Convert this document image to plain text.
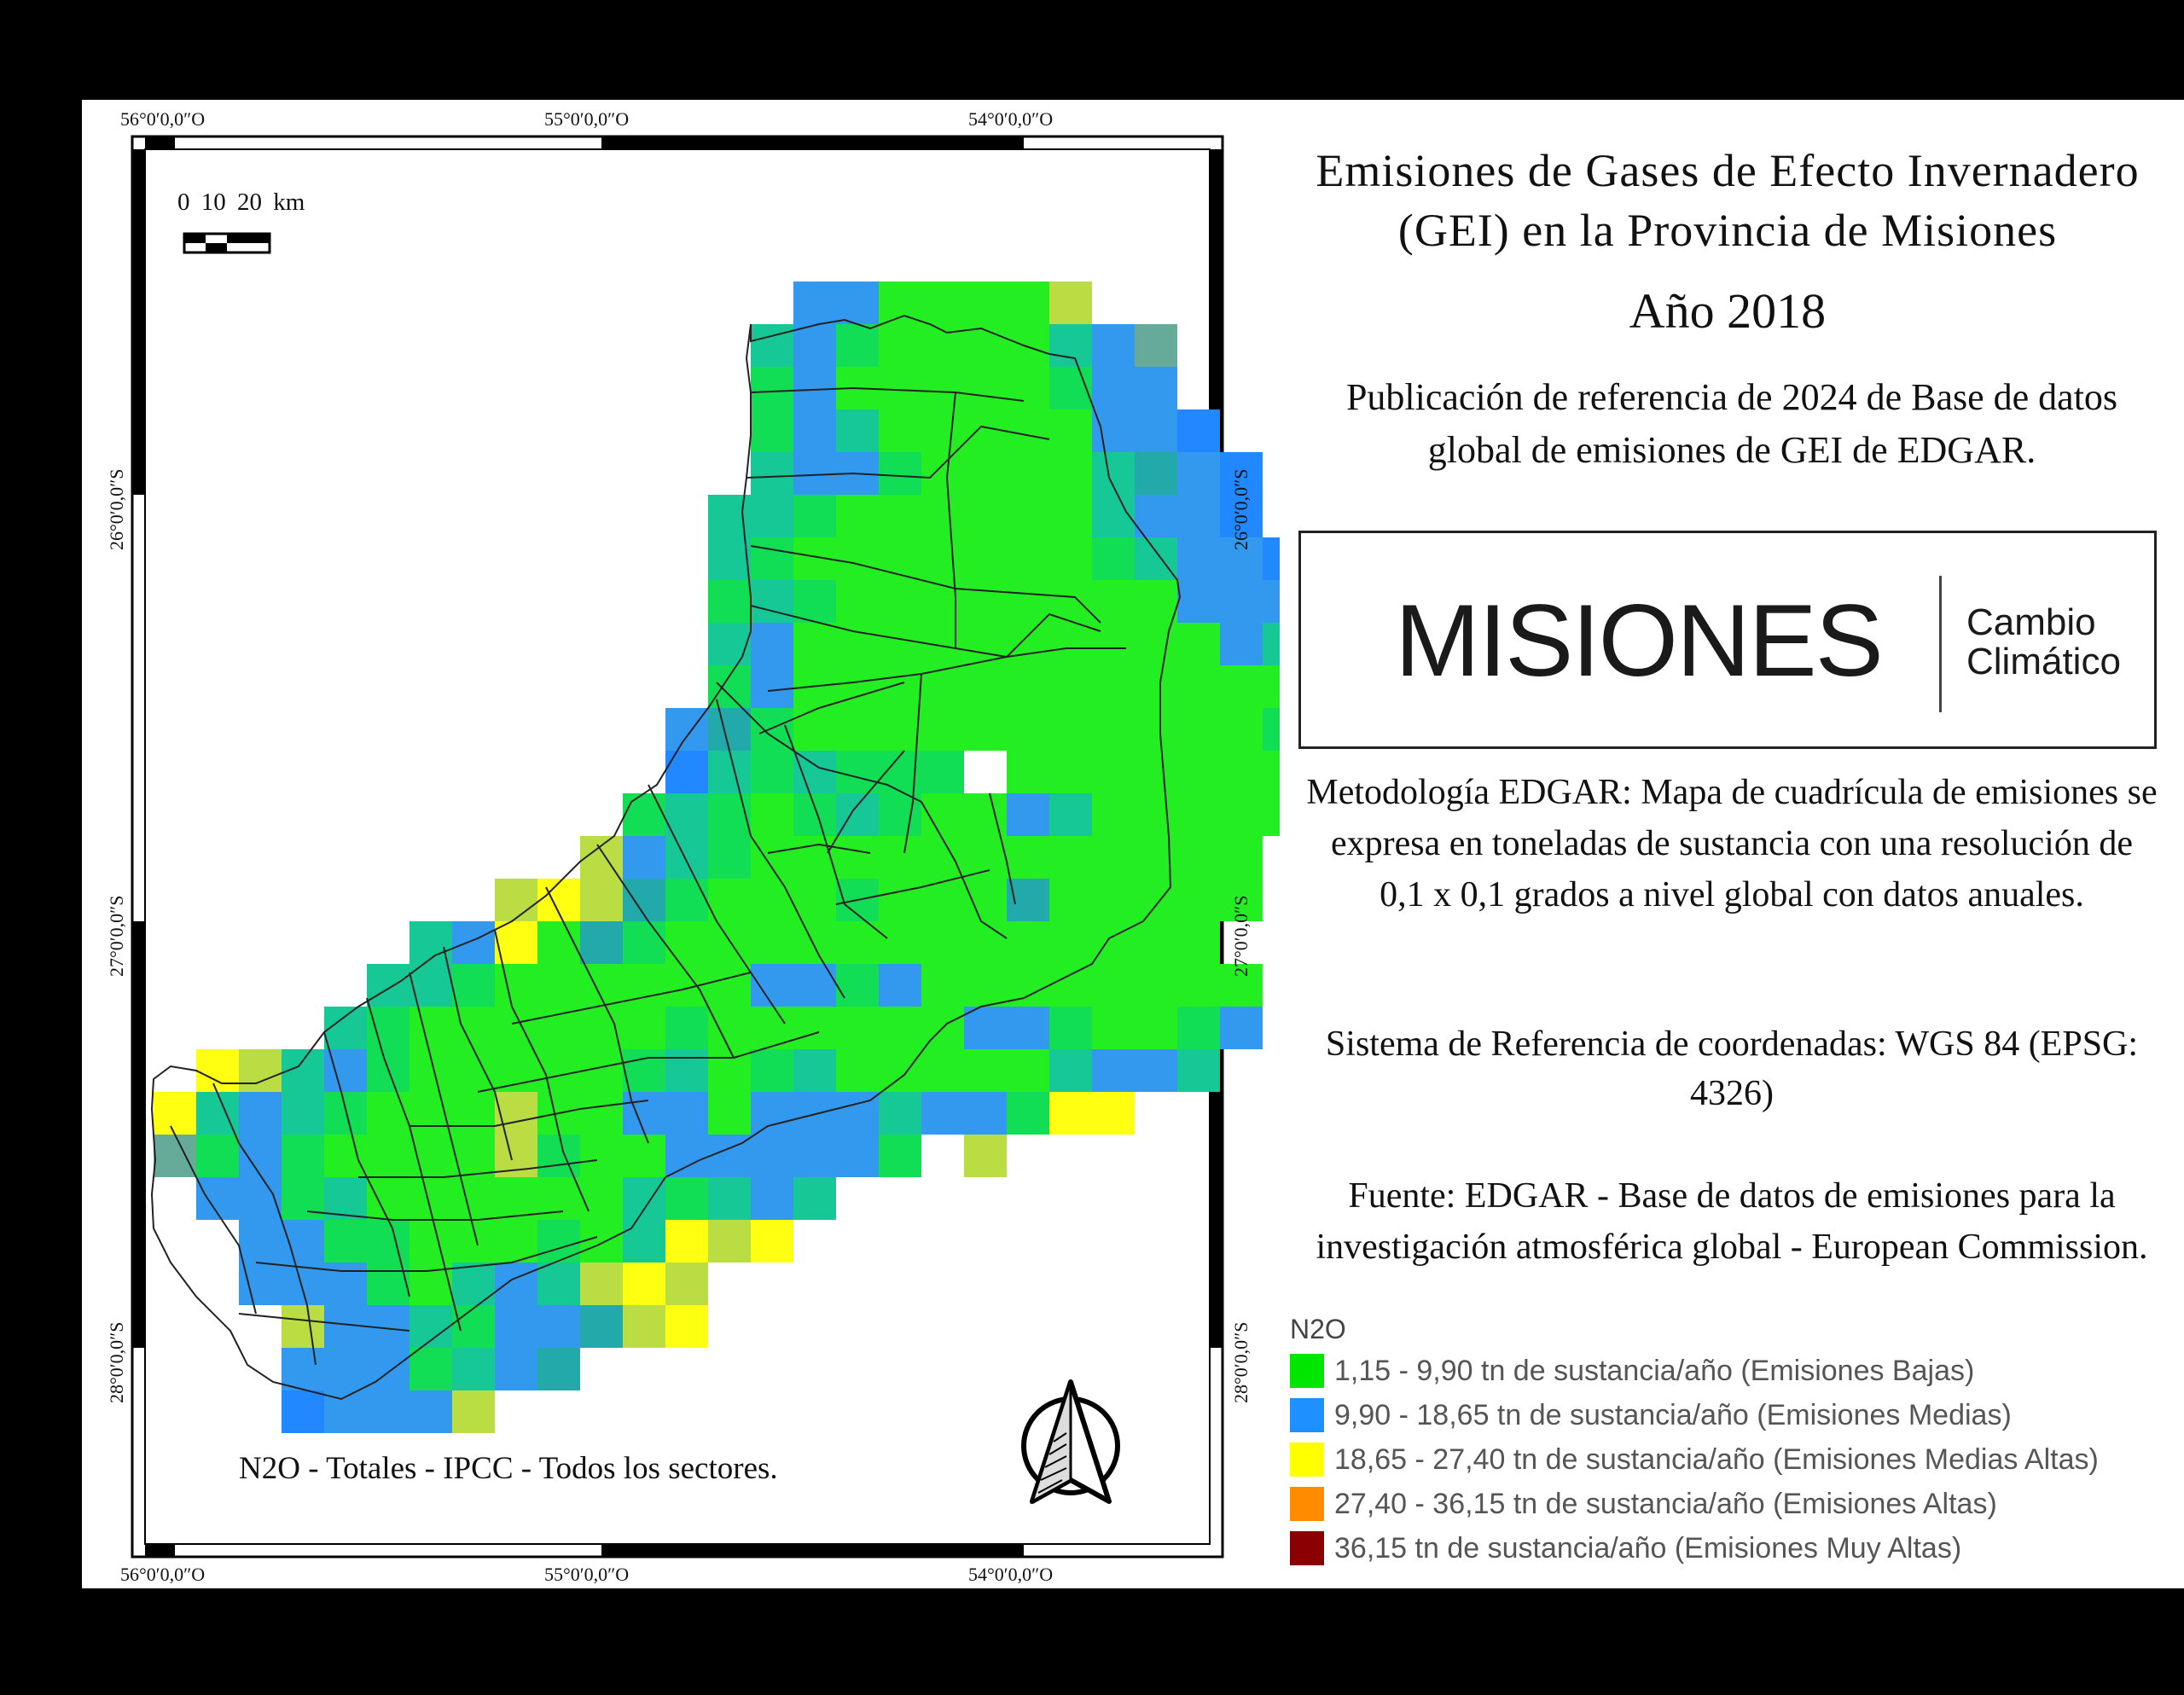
56°0′0,0″O	55°0′0,0″O	54°0′0,0″O
56°0′0,0″O	55°0′0,0″O	54°0′0,0″O
26°0′0,0″S
27°0′0,0″S
28°0′0,0″S
26°0′0,0″S
27°0′0,0″S
28°0′0,0″S
0 10 20 km
N2O - Totales - IPCC - Todos los sectores.
Emisiones de Gases de Efecto Invernadero (GEI) en la Provincia de Misiones
Año 2018
Publicación de referencia de 2024 de Base de datos global de emisiones de GEI de EDGAR.
MISIONES Cambio
Climático
Metodología EDGAR: Mapa de cuadrícula de emisiones se expresa en toneladas de sustancia con una resolución de 0,1 x 0,1 grados a nivel global con datos anuales.
Sistema de Referencia de coordenadas: WGS 84 (EPSG: 4326)
Fuente: EDGAR - Base de datos de emisiones para la investigación atmosférica global - European Commission.
N2O
1,15 - 9,90 tn de sustancia/año (Emisiones Bajas)
9,90 - 18,65 tn de sustancia/año (Emisiones Medias)
18,65 - 27,40 tn de sustancia/año (Emisiones Medias Altas)
27,40 - 36,15 tn de sustancia/año (Emisiones Altas)
36,15 tn de sustancia/año (Emisiones Muy Altas)
